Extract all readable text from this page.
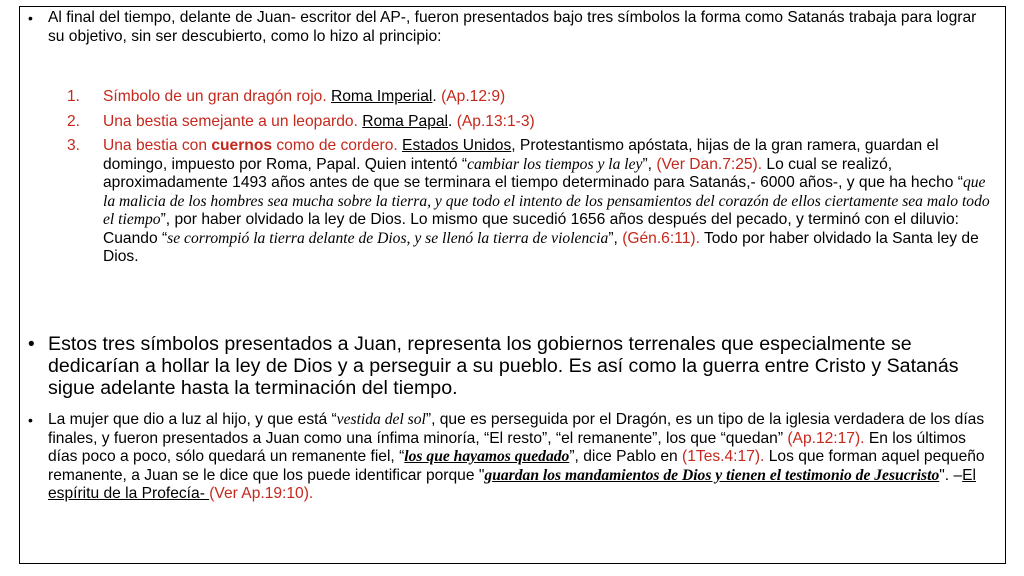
• Al final del tiempo, delante de Juan- escritor del AP-, fueron presentados bajo tres símbolos la forma como Satanás trabaja para lograr su objetivo, sin ser descubierto, como lo hizo al principio:
1. Símbolo de un gran dragón rojo. Roma Imperial. (Ap.12:9)
2. Una bestia semejante a un leopardo. Roma Papal. (Ap.13:1-3)
3. Una bestia con cuernos como de cordero. Estados Unidos, Protestantismo apóstata, hijas de la gran ramera, guardan el domingo, impuesto por Roma, Papal. Quien intentó “cambiar los tiempos y la ley”, (Ver Dan.7:25). Lo cual se realizó, aproximadamente 1493 años antes de que se terminara el tiempo determinado para Satanás,- 6000 años-, y que ha hecho “que la malicia de los hombres sea mucha sobre la tierra, y que todo el intento de los pensamientos del corazón de ellos ciertamente sea malo todo el tiempo”, por haber olvidado la ley de Dios. Lo mismo que sucedió 1656 años después del pecado, y terminó con el diluvio: Cuando “se corrompió la tierra delante de Dios, y se llenó la tierra de violencia”, (Gén.6:11). Todo por haber olvidado la Santa ley de Dios.
• Estos tres símbolos presentados a Juan, representa los gobiernos terrenales que especialmente se dedicarían a hollar la ley de Dios y a perseguir a su pueblo. Es así como la guerra entre Cristo y Satanás sigue adelante hasta la terminación del tiempo.
• La mujer que dio a luz al hijo, y que está “vestida del sol”, que es perseguida por el Dragón, es un tipo de la iglesia verdadera de los días finales, y fueron presentados a Juan como una ínfima minoría, “El resto”, “el remanente”, los que “quedan” (Ap.12:17). En los últimos días poco a poco, sólo quedará un remanente fiel, “los que hayamos quedado”, dice Pablo en (1Tes.4:17). Los que forman aquel pequeño remanente, a Juan se le dice que los puede identificar porque "guardan los mandamientos de Dios y tienen el testimonio de Jesucristo". –El espíritu de la Profecía- (Ver Ap.19:10).
